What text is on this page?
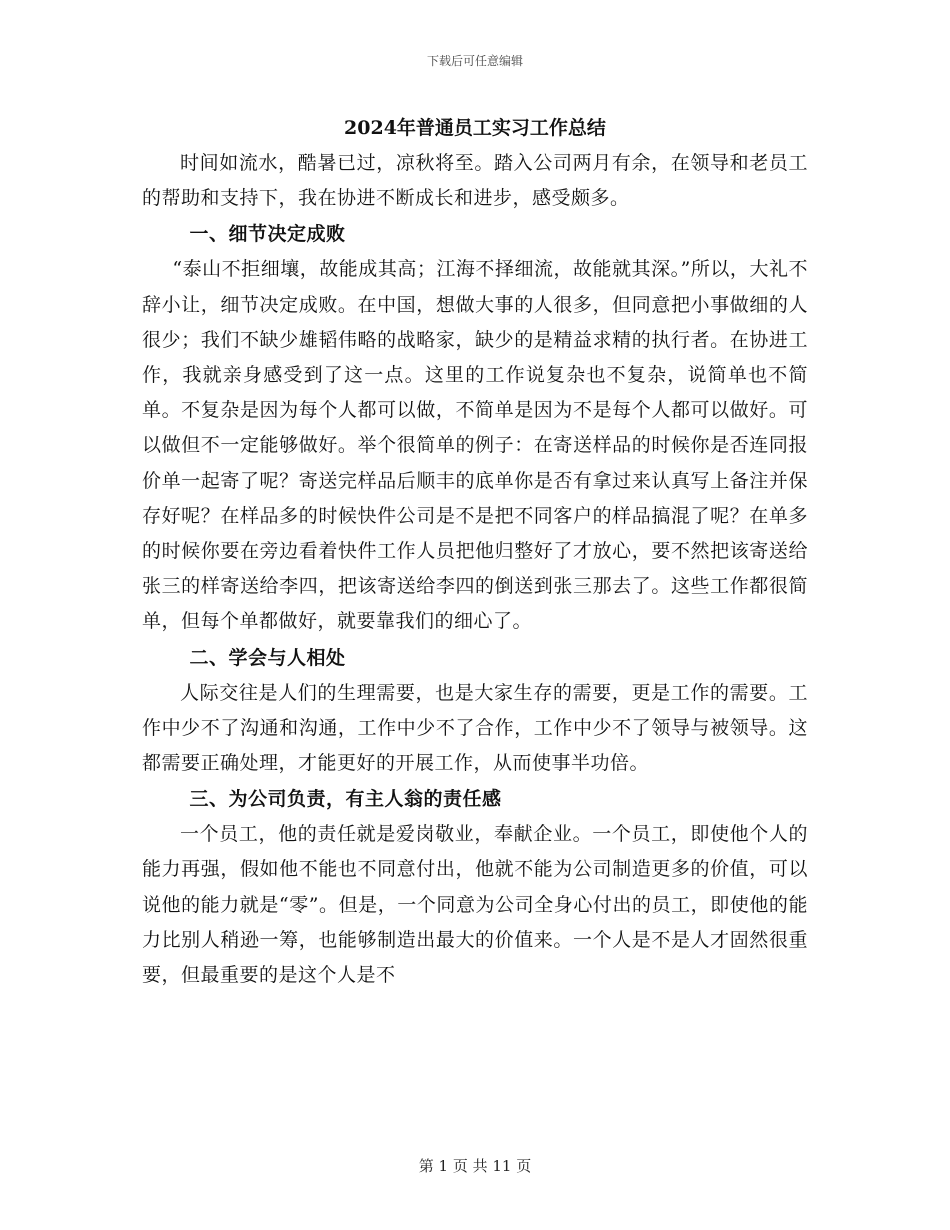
下载后可任意编辑
2024年普通员工实习工作总结

时间如流水，酷暑已过，凉秋将至。踏入公司两月有余，在领导和老员工的帮助和支持下，我在协进不断成长和进步，感受颇多。

一、细节决定成败

“泰山不拒细壤，故能成其高；江海不择细流，故能就其深。”所以，大礼不辞小让，细节决定成败。在中国，想做大事的人很多，但同意把小事做细的人很少；我们不缺少雄韬伟略的战略家，缺少的是精益求精的执行者。在协进工作，我就亲身感受到了这一点。这里的工作说复杂也不复杂，说简单也不简单。不复杂是因为每个人都可以做，不简单是因为不是每个人都可以做好。可以做但不一定能够做好。举个很简单的例子：在寄送样品的时候你是否连同报价单一起寄了呢？寄送完样品后顺丰的底单你是否有拿过来认真写上备注并保存好呢？在样品多的时候快件公司是不是把不同客户的样品搞混了呢？在单多的时候你要在旁边看着快件工作人员把他归整好了才放心，要不然把该寄送给张三的样寄送给李四，把该寄送给李四的倒送到张三那去了。这些工作都很简单，但每个单都做好，就要靠我们的细心了。

二、学会与人相处

人际交往是人们的生理需要，也是大家生存的需要，更是工作的需要。工作中少不了沟通和沟通，工作中少不了合作，工作中少不了领导与被领导。这都需要正确处理，才能更好的开展工作，从而使事半功倍。

三、为公司负责，有主人翁的责任感

一个员工，他的责任就是爱岗敬业，奉献企业。一个员工，即使他个人的能力再强，假如他不能也不同意付出，他就不能为公司制造更多的价值，可以说他的能力就是“零”。但是，一个同意为公司全身心付出的员工，即使他的能力比别人稍逊一筹，也能够制造出最大的价值来。一个人是不是人才固然很重要，但最重要的是这个人是不

第 1 页 共 11 页
